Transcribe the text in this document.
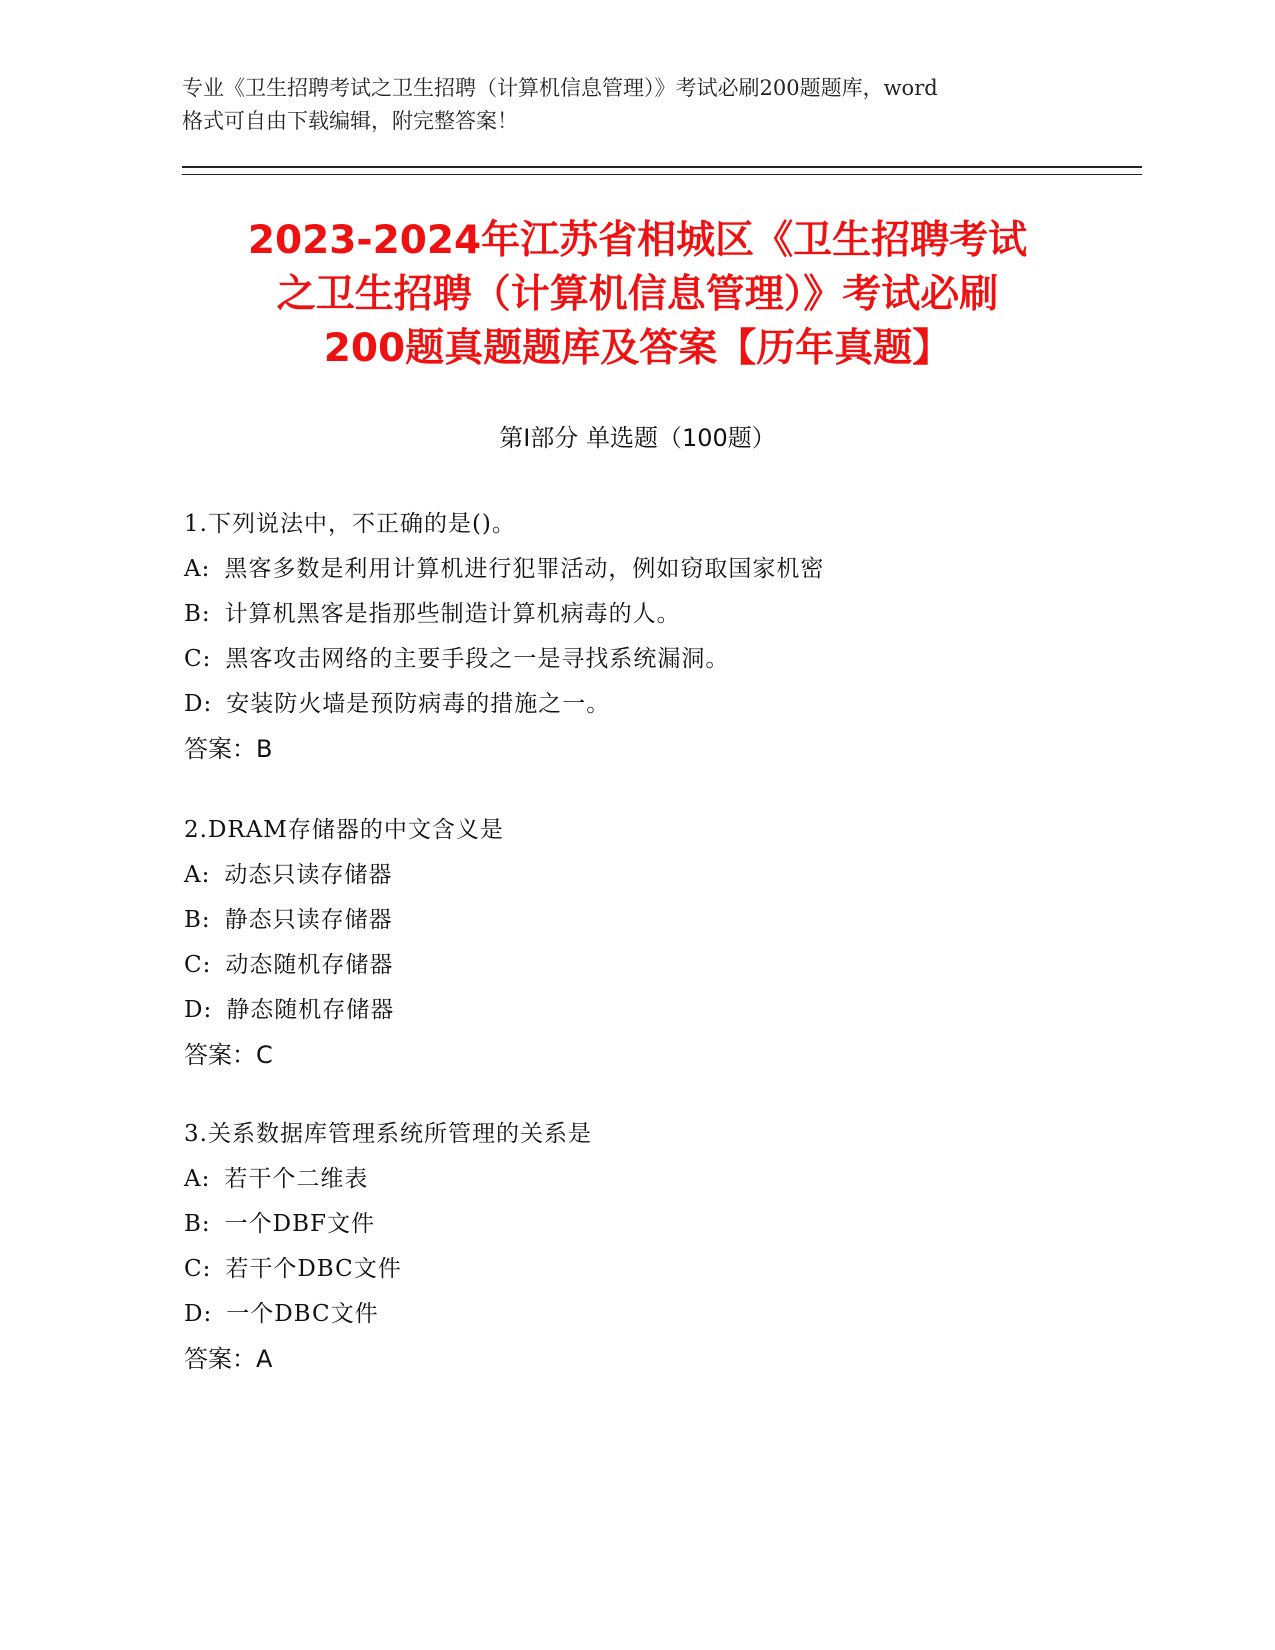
专业《卫生招聘考试之卫生招聘（计算机信息管理）》考试必刷200题题库，word
格式可自由下载编辑，附完整答案！
2023-2024年江苏省相城区《卫生招聘考试
之卫生招聘（计算机信息管理）》考试必刷
200题真题题库及答案【历年真题】
第Ⅰ部分 单选题（100题）
1.下列说法中，不正确的是()。
A: 黑客多数是利用计算机进行犯罪活动，例如窃取国家机密
B: 计算机黑客是指那些制造计算机病毒的人。
C: 黑客攻击网络的主要手段之一是寻找系统漏洞。
D: 安装防火墙是预防病毒的措施之一。
答案：B
2.DRAM存储器的中文含义是
A: 动态只读存储器
B: 静态只读存储器
C: 动态随机存储器
D: 静态随机存储器
答案：C
3.关系数据库管理系统所管理的关系是
A: 若干个二维表
B: 一个DBF文件
C: 若干个DBC文件
D: 一个DBC文件
答案：A
